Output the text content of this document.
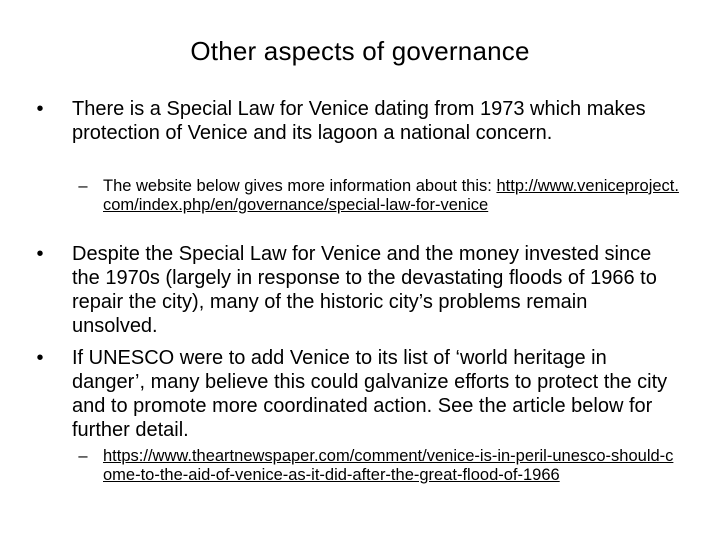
Other aspects of governance
•	There is a Special Law for Venice dating from 1973 which makes protection of Venice and its lagoon a national concern.
– The website below gives more information about this: http://www.veniceproject.com/index.php/en/governance/special-law-for-venice
•	Despite the Special Law for Venice and the money invested since the 1970s (largely in response to the devastating floods of 1966 to repair the city), many of the historic city’s problems remain unsolved.
•	If UNESCO were to add Venice to its list of ‘world heritage in danger’, many believe this could galvanize efforts to protect the city and to promote more coordinated action. See the article below for further detail.
– https://www.theartnewspaper.com/comment/venice-is-in-peril-unesco-should-come-to-the-aid-of-venice-as-it-did-after-the-great-flood-of-1966
